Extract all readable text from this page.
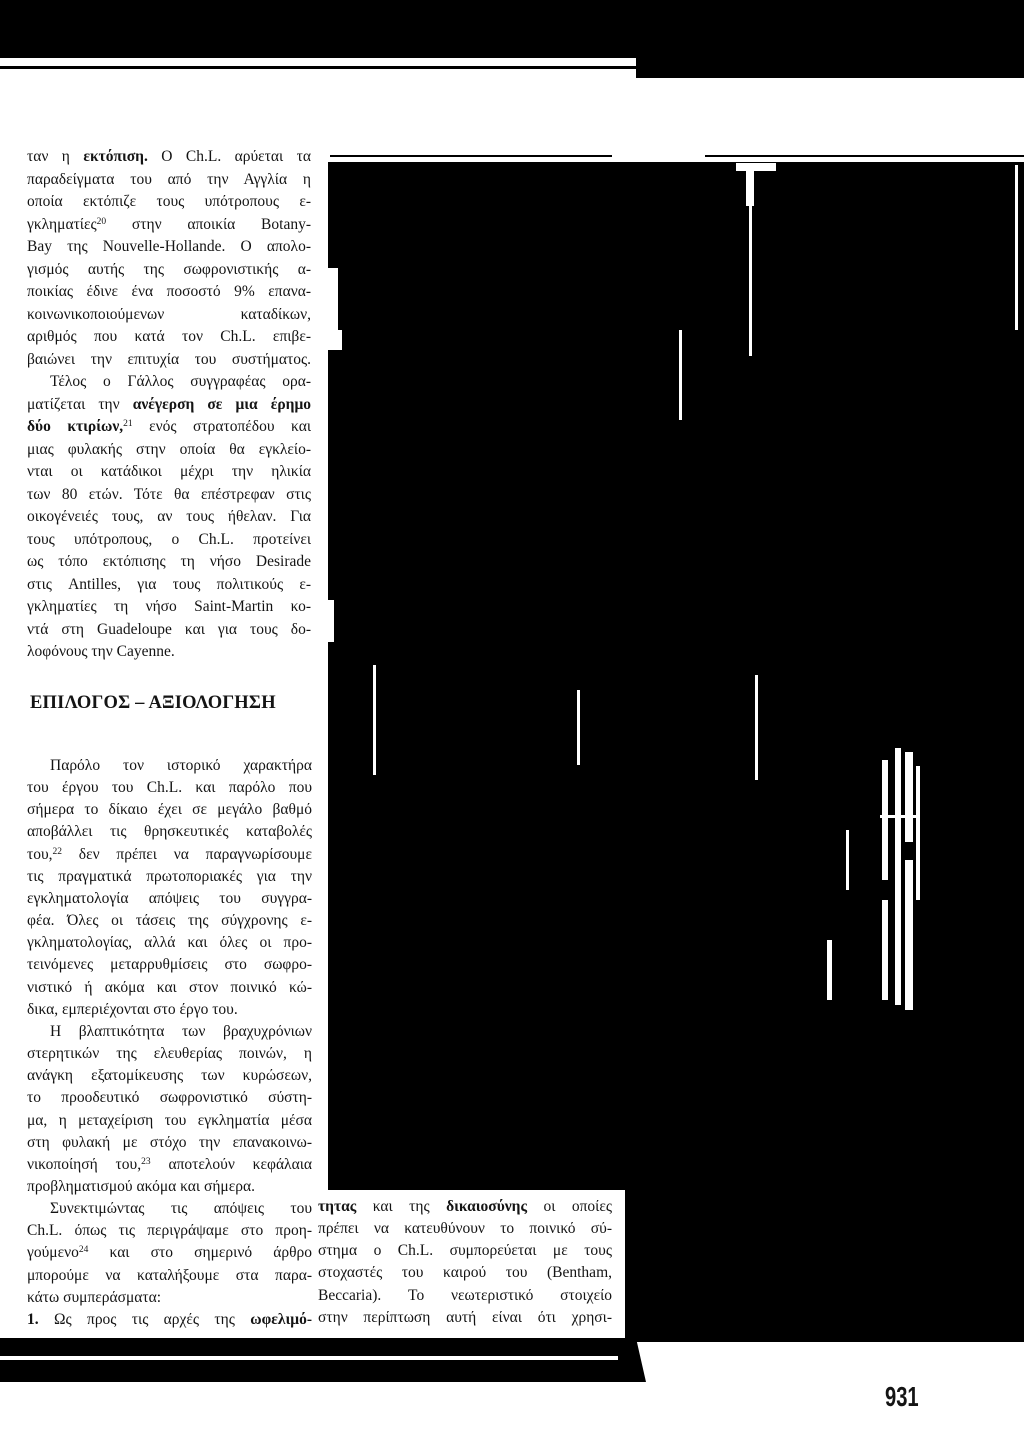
ταν η εκτόπιση. Ο Ch.L. αρύεται τα
παραδείγματα του από την Αγγλία η
οποία εκτόπιζε τους υπότροπους ε-
γκληματίες$^{20}$ στην αποικία Botany-
Bay της Nouvelle-Hollande. Ο απολο-
γισμός αυτής της σωφρονιστικής α-
ποικίας έδινε ένα ποσοστό 9% επανα-
κοινωνικοποιούμενων καταδίκων,
αριθμός που κατά τον Ch.L. επιβε-
βαιώνει την επιτυχία του συστήματος.
Τέλος ο Γάλλος συγγραφέας ορα-
ματίζεται την ανέγερση σε μια έρημο
δύο κτιρίων,$^{21}$ ενός στρατοπέδου και
μιας φυλακής στην οποία θα εγκλείο-
νται οι κατάδικοι μέχρι την ηλικία
των 80 ετών. Τότε θα επέστρεφαν στις
οικογένειές τους, αν τους ήθελαν. Για
τους υπότροπους, ο Ch.L. προτείνει
ως τόπο εκτόπισης τη νήσο Desirade
στις Antilles, για τους πολιτικούς ε-
γκληματίες τη νήσο Saint-Martin κο-
ντά στη Guadeloupe και για τους δο-
λοφόνους την Cayenne.
ΕΠΙΛΟΓΟΣ – ΑΞΙΟΛΟΓΗΣΗ
Παρόλο τον ιστορικό χαρακτήρα
του έργου του Ch.L. και παρόλο που
σήμερα το δίκαιο έχει σε μεγάλο βαθμό
αποβάλλει τις θρησκευτικές καταβολές
του,$^{22}$ δεν πρέπει να παραγνωρίσουμε
τις πραγματικά πρωτοποριακές για την
εγκληματολογία απόψεις του συγγρα-
φέα. Όλες οι τάσεις της σύγχρονης ε-
γκληματολογίας, αλλά και όλες οι προ-
τεινόμενες μεταρρυθμίσεις στο σωφρο-
νιστικό ή ακόμα και στον ποινικό κώ-
δικα, εμπεριέχονται στο έργο του.
Η βλαπτικότητα των βραχυχρόνιων
στερητικών της ελευθερίας ποινών, η
ανάγκη εξατομίκευσης των κυρώσεων,
το προοδευτικό σωφρονιστικό σύστη-
μα, η μεταχείριση του εγκληματία μέσα
στη φυλακή με στόχο την επανακοινω-
νικοποίησή του,$^{23}$ αποτελούν κεφάλαια
προβληματισμού ακόμα και σήμερα.
Συνεκτιμώντας τις απόψεις του
Ch.L. όπως τις περιγράψαμε στο προη-
γούμενο$^{24}$ και στο σημερινό άρθρο
μπορούμε να καταλήξουμε στα παρα-
κάτω συμπεράσματα:
1. Ως προς τις αρχές της ωφελιμό-
τητας και της δικαιοσύνης οι οποίες
πρέπει να κατευθύνουν το ποινικό σύ-
στημα ο Ch.L. συμπορεύεται με τους
στοχαστές του καιρού του (Bentham,
Beccaria). Το νεωτεριστικό στοιχείο
στην περίπτωση αυτή είναι ότι χρησι-
931
